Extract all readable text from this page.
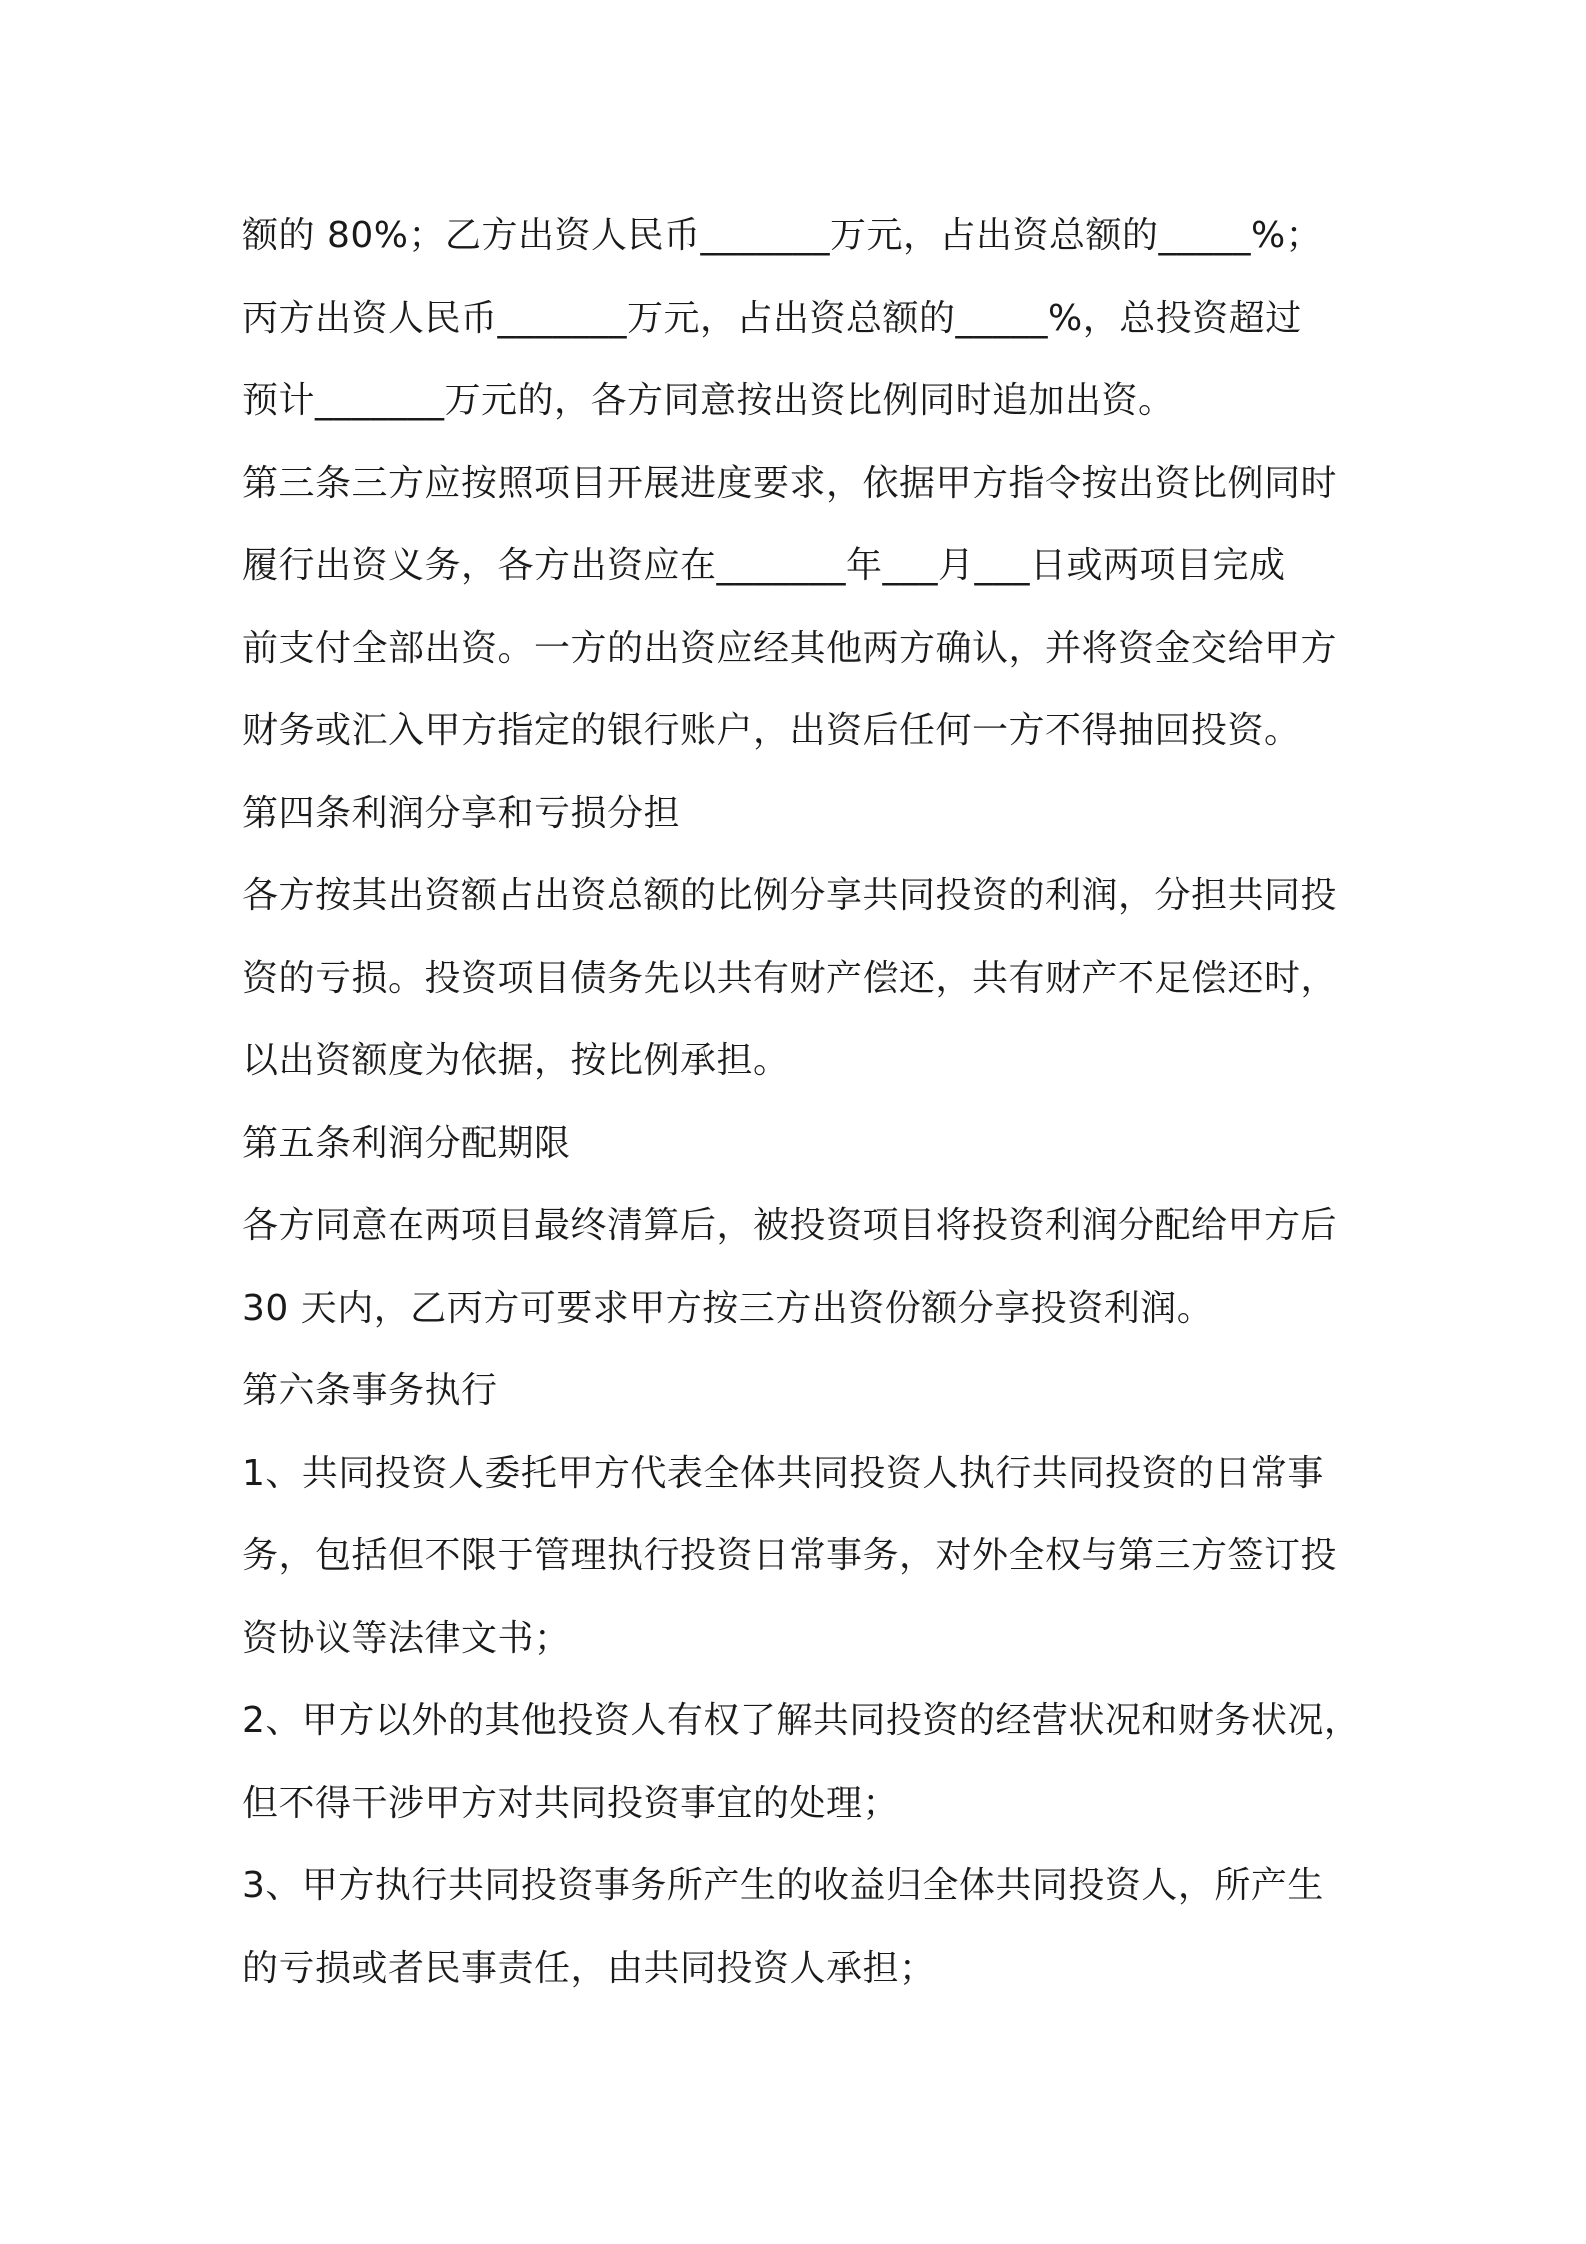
额的 80%；乙方出资人民币_______万元，占出资总额的_____%；
丙方出资人民币_______万元，占出资总额的_____%，总投资超过
预计_______万元的，各方同意按出资比例同时追加出资。
第三条三方应按照项目开展进度要求，依据甲方指令按出资比例同时
履行出资义务，各方出资应在_______年___月___日或两项目完成
前支付全部出资。一方的出资应经其他两方确认，并将资金交给甲方
财务或汇入甲方指定的银行账户，出资后任何一方不得抽回投资。
第四条利润分享和亏损分担
各方按其出资额占出资总额的比例分享共同投资的利润，分担共同投
资的亏损。投资项目债务先以共有财产偿还，共有财产不足偿还时，
以出资额度为依据，按比例承担。
第五条利润分配期限
各方同意在两项目最终清算后，被投资项目将投资利润分配给甲方后
30 天内，乙丙方可要求甲方按三方出资份额分享投资利润。
第六条事务执行
1、共同投资人委托甲方代表全体共同投资人执行共同投资的日常事
务，包括但不限于管理执行投资日常事务，对外全权与第三方签订投
资协议等法律文书；
2、甲方以外的其他投资人有权了解共同投资的经营状况和财务状况，
但不得干涉甲方对共同投资事宜的处理；
3、甲方执行共同投资事务所产生的收益归全体共同投资人，所产生
的亏损或者民事责任，由共同投资人承担；
